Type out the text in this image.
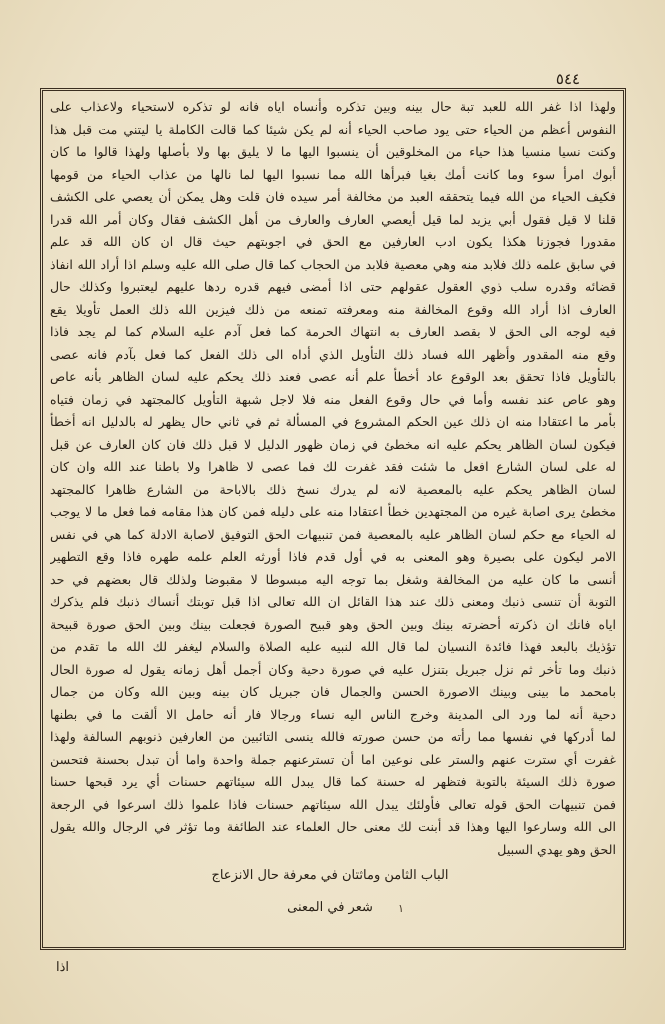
٥٤٤
ولهذا اذا غفر الله للعبد تبة حال بينه وبين تذكره وأنساه اياه فانه لو تذكره لاستحياء ولاعذاب على
النفوس أعظم من الحياء حتى يود صاحب الحياء أنه لم يكن شيئا كما قالت الكاملة يا ليتني مت قبل هذا
وكنت نسيا منسيا هذا حياء من المخلوقين أن ينسبوا اليها ما لا يليق بها ولا بأصلها ولهذا قالوا ما كان
أبوك امرأ سوء وما كانت أمك بغيا فبرأها الله مما نسبوا اليها لما نالها من عذاب الحياء من قومها
فكيف الحياء من الله فيما يتحققه العبد من مخالفة أمر سيده فان قلت وهل يمكن أن يعصي على الكشف
قلنا لا قيل فقول أبي يزيد لما قيل أيعصي العارف والعارف من أهل الكشف فقال وكان أمر الله قدرا
مقدورا فجوزنا هكذا يكون ادب العارفين مع الحق في اجوبتهم حيث قال ان كان الله قد علم
في سابق علمه ذلك فلابد منه وهي معصية فلابد من الحجاب كما قال صلى الله عليه وسلم اذا أراد الله انفاذ
قضائه وقدره سلب ذوي العقول عقولهم حتى اذا أمضى فيهم قدره ردها عليهم ليعتبروا وكذلك حال
العارف اذا أراد الله وقوع المخالفة منه ومعرفته تمنعه من ذلك فيزين الله ذلك العمل تأويلا يقع
فيه لوجه الى الحق لا بقصد العارف به انتهاك الحرمة كما فعل آدم عليه السلام كما لم يجد فاذا
وقع منه المقدور وأظهر الله فساد ذلك التأويل الذي أداه الى ذلك الفعل كما فعل بآدم فانه عصى
بالتأويل فاذا تحقق بعد الوقوع عاد أخطأ علم أنه عصى فعند ذلك يحكم عليه لسان الظاهر بأنه عاص
وهو عاص عند نفسه وأما في حال وقوع الفعل منه فلا لاجل شبهة التأويل كالمجتهد في زمان فتياه
بأمر ما اعتقادا منه ان ذلك عين الحكم المشروع في المسألة ثم في ثاني حال يظهر له بالدليل انه أخطأ
فيكون لسان الظاهر يحكم عليه انه مخطئ في زمان ظهور الدليل لا قبل ذلك فان كان العارف عن قبل
له على لسان الشارع افعل ما شئت فقد غفرت لك فما عصى لا ظاهرا ولا باطنا عند الله وان كان
لسان الظاهر يحكم عليه بالمعصية لانه لم يدرك نسخ ذلك بالاباحة من الشارع ظاهرا كالمجتهد
مخطئ يرى اصابة غيره من المجتهدين خطأ اعتقادا منه على دليله فمن كان هذا مقامه فما فعل ما لا يوجب
له الحياء مع حكم لسان الظاهر عليه بالمعصية فمن تنبيهات الحق التوفيق لاصابة الادلة كما هي في نفس
الامر ليكون على بصيرة وهو المعنى به في أول قدم فاذا أورثه العلم علمه طهره فاذا وقع التطهير
أنسى ما كان عليه من المخالفة وشغل بما توجه اليه مبسوطا لا مقبوضا ولذلك قال بعضهم في حد
التوبة أن تنسى ذنبك ومعنى ذلك عند هذا القائل ان الله تعالى اذا قبل توبتك أنساك ذنبك فلم يذكرك
اياه فانك ان ذكرته أحضرته بينك وبين الحق وهو قبيح الصورة فجعلت بينك وبين الحق صورة قبيحة
تؤذيك بالبعد فهذا فائدة النسيان لما قال الله لنبيه عليه الصلاة والسلام ليغفر لك الله ما تقدم من
ذنبك وما تأخر ثم نزل جبريل بتنزل عليه في صورة دحية وكان أجمل أهل زمانه يقول له صورة الحال
بامحمد ما بينى وبينك الاصورة الحسن والجمال فان جبريل كان بينه وبين الله وكان من جمال
دحية أنه لما ورد الى المدينة وخرج الناس اليه نساء ورجالا فار أنه حامل الا ألقت ما في بطنها
لما أدركها في نفسها مما رأته من حسن صورته فالله ينسى التائبين من العارفين ذنوبهم السالفة ولهذا
غفرت أي سترت عنهم والستر على نوعين اما أن تسترعنهم جملة واحدة واما أن تبدل بحسنة فتحسن
صورة ذلك السيئة بالتوبة فتظهر له حسنة كما قال يبدل الله سيئاتهم حسنات أي يرد قبحها حسنا
فمن تنبيهات الحق قوله تعالى فأولئك يبدل الله سيئاتهم حسنات فاذا علموا ذلك اسرعوا في الرجعة
الى الله وسارعوا اليها وهذا قد أبنت لك معنى حال العلماء عند الطائفة وما تؤثر في الرجال والله يقول
الحق وهو يهدي السبيل
الباب الثامن وماثتان في معرفة حال الانزعاج
١
شعر في المعنى
اذا
